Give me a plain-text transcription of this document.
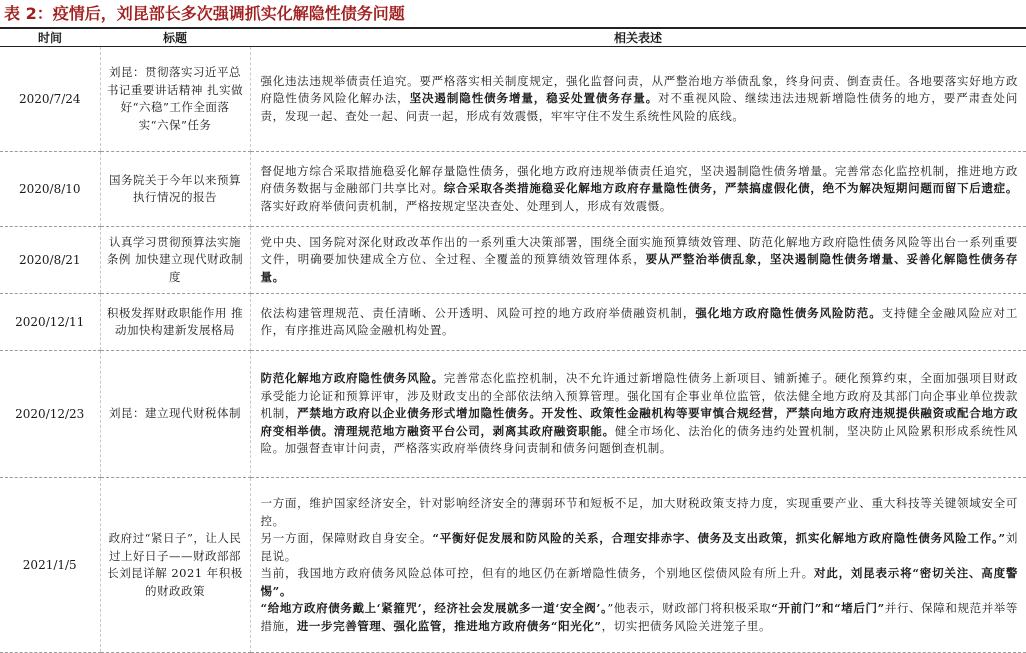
表 2：疫情后，刘昆部长多次强调抓实化解隐性债务问题
时间	标题	相关表述
2020/7/24	刘昆：贯彻落实习近平总书记重要讲话精神 扎实做好“六稳”工作全面落实“六保”任务	强化违法违规举债责任追究。要严格落实相关制度规定，强化监督问责，从严整治地方举债乱象，终身问责、倒查责任。各地要落实好地方政府隐性债务风险化解办法，坚决遏制隐性债务增量，稳妥处置债务存量。对不重视风险、继续违法违规新增隐性债务的地方，要严肃查处问责，发现一起、查处一起、问责一起，形成有效震慑，牢牢守住不发生系统性风险的底线。

2020/8/10	国务院关于今年以来预算执行情况的报告	督促地方综合采取措施稳妥化解存量隐性债务，强化地方政府违规举债责任追究，坚决遏制隐性债务增量。完善常态化监控机制，推进地方政府债务数据与金融部门共享比对。综合采取各类措施稳妥化解地方政府存量隐性债务，严禁搞虚假化债，绝不为解决短期问题而留下后遗症。落实好政府举债问责机制，严格按规定坚决查处、处理到人，形成有效震慑。

2020/8/21	认真学习贯彻预算法实施条例 加快建立现代财政制度	党中央、国务院对深化财政改革作出的一系列重大决策部署，围绕全面实施预算绩效管理、防范化解地方政府隐性债务风险等出台一系列重要文件，明确要加快建成全方位、全过程、全覆盖的预算绩效管理体系，要从严整治举债乱象，坚决遏制隐性债务增量、妥善化解隐性债务存量。

2020/12/11	积极发挥财政职能作用 推动加快构建新发展格局	依法构建管理规范、责任清晰、公开透明、风险可控的地方政府举债融资机制，强化地方政府隐性债务风险防范。支持健全金融风险应对工作，有序推进高风险金融机构处置。

2020/12/23	刘昆：建立现代财税体制	防范化解地方政府隐性债务风险。完善常态化监控机制，决不允许通过新增隐性债务上新项目、铺新摊子。硬化预算约束，全面加强项目财政承受能力论证和预算评审，涉及财政支出的全部依法纳入预算管理。强化国有企事业单位监管，依法健全地方政府及其部门向企事业单位拨款机制，严禁地方政府以企业债务形式增加隐性债务。开发性、政策性金融机构等要审慎合规经营，严禁向地方政府违规提供融资或配合地方政府变相举债。清理规范地方融资平台公司，剥离其政府融资职能。健全市场化、法治化的债务违约处置机制，坚决防止风险累积形成系统性风险。加强督查审计问责，严格落实政府举债终身问责制和债务问题倒查机制。

2021/1/5	政府过“紧日子”，让人民过上好日子——财政部部长刘昆详解 2021 年积极的财政政策	一方面，维护国家经济安全，针对影响经济安全的薄弱环节和短板不足，加大财税政策支持力度，实现重要产业、重大科技等关键领域安全可控。
另一方面，保障财政自身安全。“平衡好促发展和防风险的关系，合理安排赤字、债务及支出政策，抓实化解地方政府隐性债务风险工作。”刘昆说。
当前，我国地方政府债务风险总体可控，但有的地区仍在新增隐性债务，个别地区偿债风险有所上升。对此，刘昆表示将“密切关注、高度警惕”。
“给地方政府债务戴上‘紧箍咒’，经济社会发展就多一道‘安全阀’。”他表示，财政部门将积极采取“开前门”和“堵后门”并行、保障和规范并举等措施，进一步完善管理、强化监管，推进地方政府债务“阳光化”，切实把债务风险关进笼子里。
